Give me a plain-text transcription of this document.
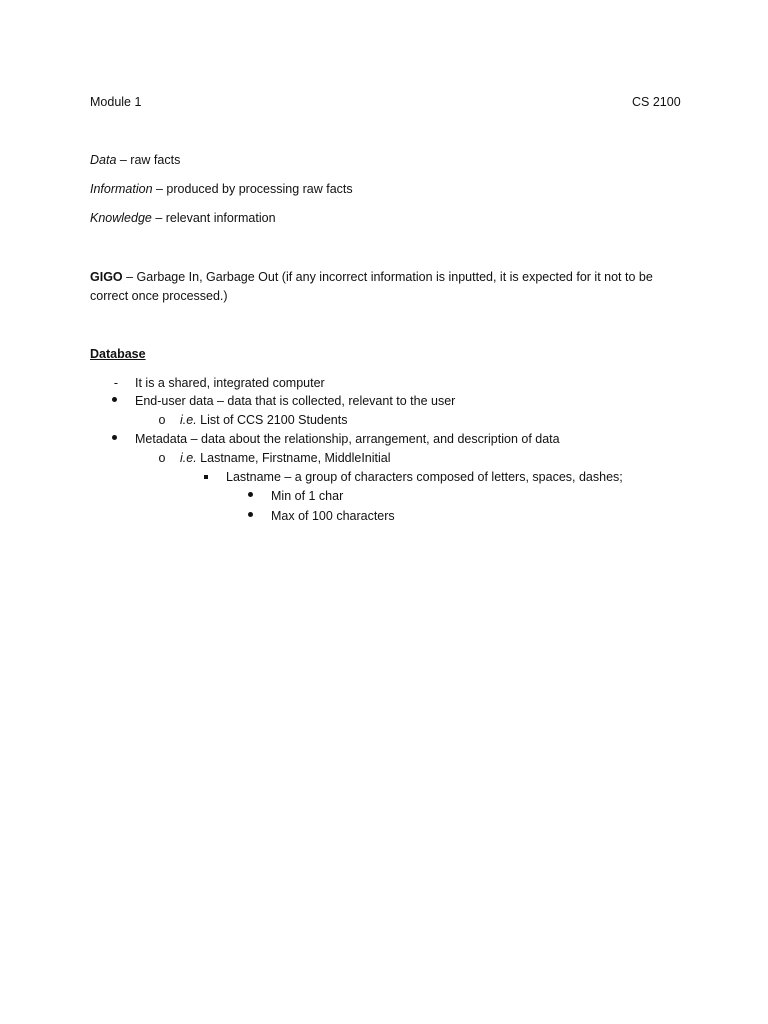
Module 1	CS 2100
Data – raw facts
Information – produced by processing raw facts
Knowledge – relevant information
GIGO – Garbage In, Garbage Out (if any incorrect information is inputted, it is expected for it not to be
correct once processed.)
Database
-	It is a shared, integrated computer
End-user data – data that is collected, relevant to the user
o i.e. List of CCS 2100 Students
Metadata – data about the relationship, arrangement, and description of data
o i.e. Lastname, Firstname, MiddleInitial
Lastname – a group of characters composed of letters, spaces, dashes;
Min of 1 char
Max of 100 characters
